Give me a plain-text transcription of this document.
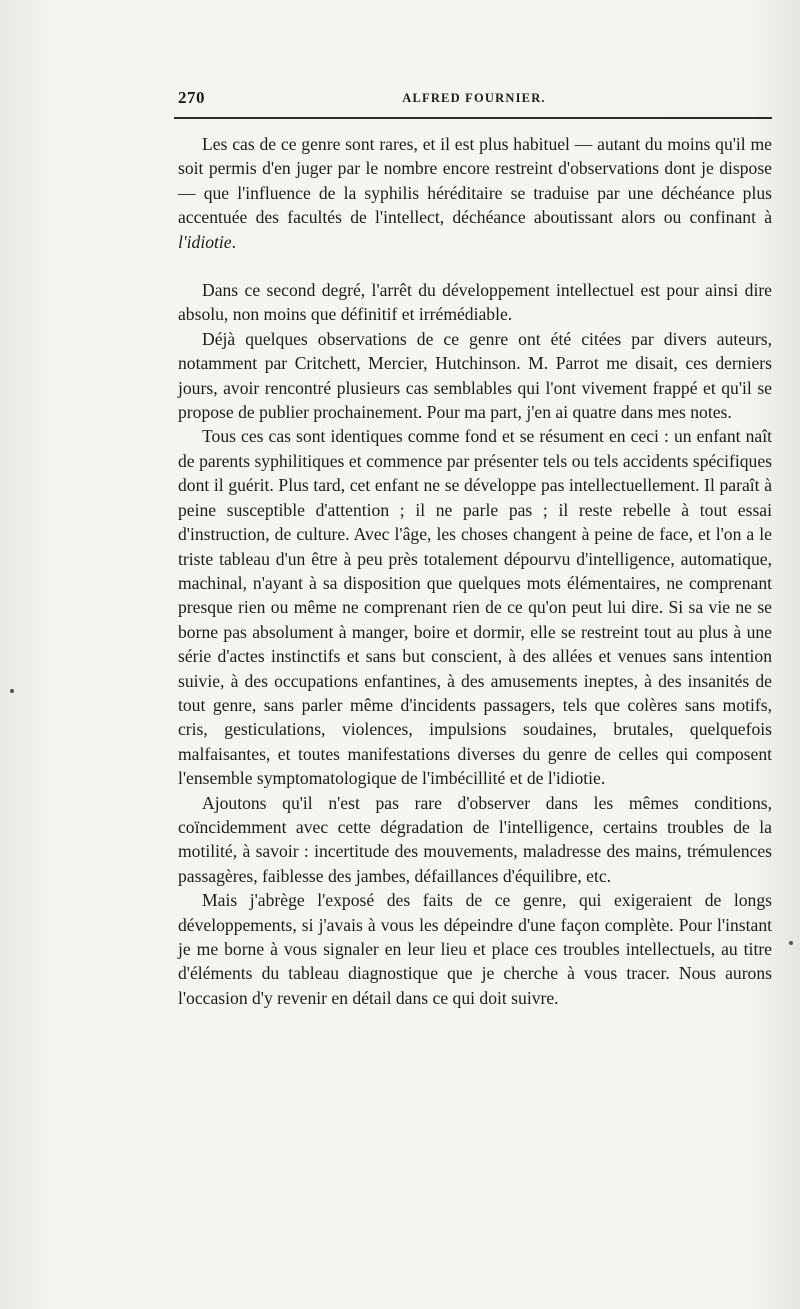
270	ALFRED FOURNIER.

Les cas de ce genre sont rares, et il est plus habituel — autant du moins qu'il me soit permis d'en juger par le nombre encore restreint d'observations dont je dispose — que l'influence de la syphilis héréditaire se traduise par une déchéance plus accentuée des facultés de l'intellect, déchéance aboutissant alors ou confinant à l'idiotie.

Dans ce second degré, l'arrêt du développement intellectuel est pour ainsi dire absolu, non moins que définitif et irrémédiable.

Déjà quelques observations de ce genre ont été citées par divers auteurs, notamment par Critchett, Mercier, Hutchinson. M. Parrot me disait, ces derniers jours, avoir rencontré plusieurs cas semblables qui l'ont vivement frappé et qu'il se propose de publier prochainement. Pour ma part, j'en ai quatre dans mes notes.

Tous ces cas sont identiques comme fond et se résument en ceci : un enfant naît de parents syphilitiques et commence par présenter tels ou tels accidents spécifiques dont il guérit. Plus tard, cet enfant ne se développe pas intellectuellement. Il paraît à peine susceptible d'attention ; il ne parle pas ; il reste rebelle à tout essai d'instruction, de culture. Avec l'âge, les choses changent à peine de face, et l'on a le triste tableau d'un être à peu près totalement dépourvu d'intelligence, automatique, machinal, n'ayant à sa disposition que quelques mots élémentaires, ne comprenant presque rien ou même ne comprenant rien de ce qu'on peut lui dire. Si sa vie ne se borne pas absolument à manger, boire et dormir, elle se restreint tout au plus à une série d'actes instinctifs et sans but conscient, à des allées et venues sans intention suivie, à des occupations enfantines, à des amusements ineptes, à des insanités de tout genre, sans parler même d'incidents passagers, tels que colères sans motifs, cris, gesticulations, violences, impulsions soudaines, brutales, quelquefois malfaisantes, et toutes manifestations diverses du genre de celles qui composent l'ensemble symptomatologique de l'imbécillité et de l'idiotie.

Ajoutons qu'il n'est pas rare d'observer dans les mêmes conditions, coïncidemment avec cette dégradation de l'intelligence, certains troubles de la motilité, à savoir : incertitude des mouvements, maladresse des mains, trémulences passagères, faiblesse des jambes, défaillances d'équilibre, etc.

Mais j'abrège l'exposé des faits de ce genre, qui exigeraient de longs développements, si j'avais à vous les dépeindre d'une façon complète. Pour l'instant je me borne à vous signaler en leur lieu et place ces troubles intellectuels, au titre d'éléments du tableau diagnostique que je cherche à vous tracer. Nous aurons l'occasion d'y revenir en détail dans ce qui doit suivre.
